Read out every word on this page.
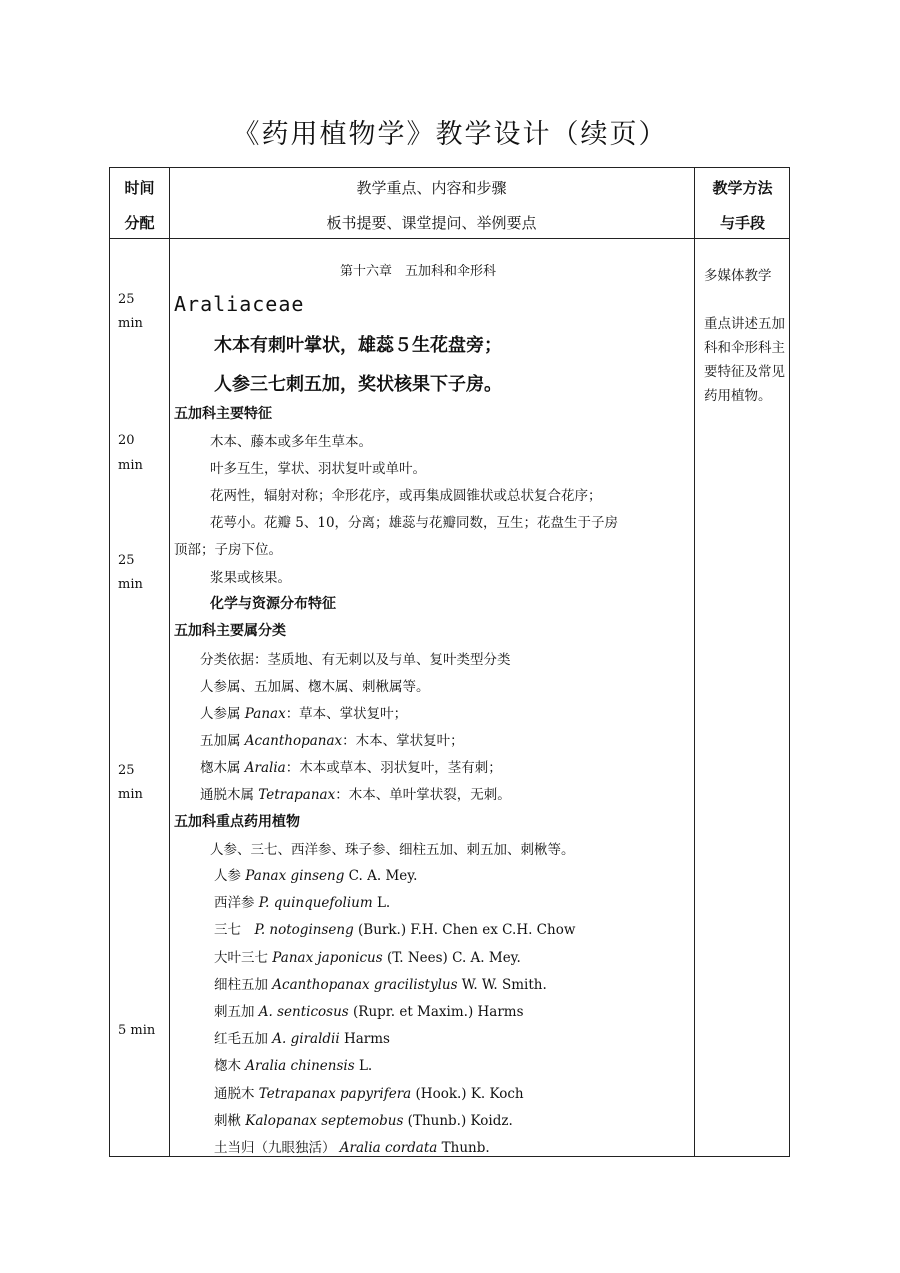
《药用植物学》教学设计（续页）
时间
分配
教学重点、内容和步骤
板书提要、课堂提问、举例要点
教学方法
与手段
25
min
20
min
25
min
25
min
5 min
第十六章　五加科和伞形科
Araliaceae
木本有刺叶掌状，雄蕊５生花盘旁；
人参三七刺五加，奖状核果下子房。
五加科主要特征
木本、藤本或多年生草本。
叶多互生，掌状、羽状复叶或单叶。
花两性，辐射对称；伞形花序，或再集成圆锥状或总状复合花序；
花萼小。花瓣 5、10，分离；雄蕊与花瓣同数，互生；花盘生于子房
顶部；子房下位。
浆果或核果。
化学与资源分布特征
五加科主要属分类
分类依据：茎质地、有无刺以及与单、复叶类型分类
人参属、五加属、楤木属、刺楸属等。
人参属 Panax：草本、掌状复叶；
五加属 Acanthopanax：木本、掌状复叶；
楤木属 Aralia：木本或草本、羽状复叶，茎有刺；
通脱木属 Tetrapanax：木本、单叶掌状裂，无刺。
五加科重点药用植物
人参、三七、西洋参、珠子参、细柱五加、刺五加、刺楸等。
人参 Panax ginseng C. A. Mey.
西洋参 P. quinquefolium L.
三七　P. notoginseng (Burk.) F.H. Chen ex C.H. Chow
大叶三七 Panax japonicus (T. Nees) C. A. Mey.
细柱五加 Acanthopanax gracilistylus W. W. Smith.
刺五加 A. senticosus (Rupr. et Maxim.) Harms
红毛五加 A. giraldii Harms
楤木 Aralia chinensis L.
通脱木 Tetrapanax papyrifera (Hook.) K. Koch
刺楸 Kalopanax septemobus (Thunb.) Koidz.
土当归（九眼独活） Aralia cordata Thunb.
多媒体教学
重点讲述五加科和伞形科主要特征及常见药用植物。
